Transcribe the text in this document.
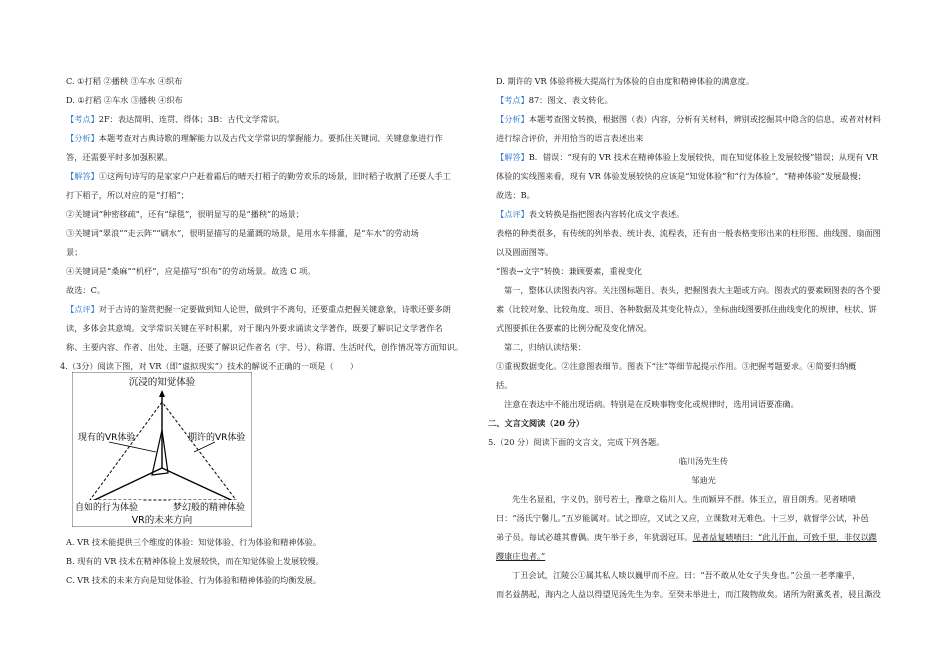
C. ①打稻 ②播秧 ③车水 ④织布
D. ①打稻 ②车水 ③播秧 ④织布
【考点】2F：表达简明、连贯、得体；3B：古代文学常识。
【分析】本题考查对古典诗歌的理解能力以及古代文学常识的掌握能力。要抓住关键词、关键意象进行作
答，还需要平时多加强积累。
【解答】①这两句诗写的是家家户户赶着霜后的晴天打稻子的勤劳欢乐的场景，旧时稻子收割了还要人手工
打下稻子，所以对应的是“打稻”；
②关键词“种密移疏”，还有“绿毯”，很明显写的是“播秧”的场景；
③关键词“翠浪”“走云阵”“刷水”，很明显描写的是灌溉的场景，是用水车排灌，是“车水”的劳动场
景；
④关键词是“桑麻”“机杼”，应是描写“织布”的劳动场景。故选 C 项。
故选：C。
【点评】对于古诗的鉴赏把握一定要做到知人论世，做到字不离句，还要重点把握关键意象，诗歌还要多朗
读，多体会其意境。文学常识关键在平时积累，对于课内外要求诵读文学著作，既要了解识记文学著作名
称、主要内容、作者、出处、主题，还要了解识记作者名（字、号）、称谓、生活时代，创作情况等方面知识。
4.（3分）阅读下图，对 VR（即“虚拟现实”）技术的解说不正确的一项是（　　）
A. VR 技术能提供三个维度的体验：知觉体验、行为体验和精神体验。
B. 现有的 VR 技术在精神体验上发展较快，而在知觉体验上发展较慢。
C. VR 技术的未来方向是知觉体验、行为体验和精神体验的均衡发展。
沉浸的知觉体验
现有的VR体验	期许的VR体验
自如的行为体验	梦幻般的精神体验
VR的未来方向
D. 期许的 VR 体验将极大提高行为体验的自由度和精神体验的满意度。
【考点】87：图文、表文转化。
【分析】本题考查图文转换，根据图（表）内容，分析有关材料，辨别或挖掘其中隐含的信息，或者对材料
进行综合评价，并用恰当的语言表述出来
【解答】B．错误：“现有的 VR 技术在精神体验上发展较快，而在知觉体验上发展较慢”错误；从现有 VR
体验的实线图来看，现有 VR 体验发展较快的应该是“知觉体验”和“行为体验”，“精神体验”发展最慢；
故选：B。
【点评】表文转换是指把图表内容转化成文字表述。
表格的种类很多，有传统的列举表、统计表、流程表，还有由一般表格变形出来的柱形图、曲线图、扇面图
以及圆面图等。
“图表→文字”转换：兼顾要素，重视变化
第一，整体认读图表内容。关注图标题目、表头，把握图表大主题或方向。图表式的要素顾图表的各个要
素（比较对象、比较角度、项目、各种数据及其变化特点），坐标曲线图要抓住曲线变化的规律，柱状、饼
式图要抓住各要素的比例分配及变化情况。
第二，归纳认读结果：
①重视数据变化。②注意图表细节。图表下“注”等细节起提示作用。③把握考题要求。④简要归纳概
括。
注意在表达中不能出现语病。特别是在反映事物变化或规律时，选用词语要准确。
二、文言文阅读（20 分）
5.（20 分）阅读下面的文言文，完成下列各题。
临川汤先生传
邹迪光
先生名显祖，字义仍，别号若士，豫章之临川人。生而颖异不群。体玉立，眉目朗秀。见者啧啧
曰：“汤氏宁馨儿。”五岁能属对。试之即应，又试之又应，立课数对无难色。十三岁，就督学公试，补邑
弟子员。每试必雄其曹偶。庚午举于乡，年犹弱冠耳。见者益复啧啧曰：“此儿汗血，可致千里，非仅以蹀
躞康庄也者。”
丁丑会试，江陵公①属其私人啖以巍甲而不应。曰：“吾不敢从处女子失身也。”公虽一老孝廉乎，
而名益鹊起，海内之人益以得望见汤先生为幸。至癸未举进士，而江陵物故矣。诸所为附薰炙者，骎且澌没
